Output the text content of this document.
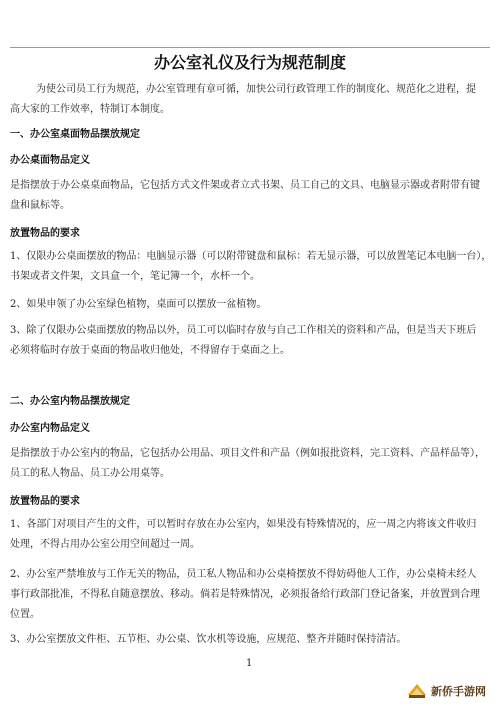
办公室礼仪及行为规范制度
为使公司员工行为规范，办公室管理有章可循，加快公司行政管理工作的制度化、规范化之进程，提
高大家的工作效率，特制订本制度。
一、办公室桌面物品摆放规定
办公桌面物品定义
是指摆放于办公桌桌面物品，它包括方式文件架或者立式书架、员工自己的文具、电脑显示器或者附带有键
盘和鼠标等。
放置物品的要求
1、仅限办公桌面摆放的物品：电脑显示器（可以附带键盘和鼠标：若无显示器，可以放置笔记本电脑一台），
书架或者文件架，文具盒一个，笔记簿一个，水杯一个。
2、如果申领了办公室绿色植物，桌面可以摆放一盆植物。
3、除了仅限办公桌面摆放的物品以外，员工可以临时存放与自己工作相关的资料和产品，但是当天下班后
必须将临时存放于桌面的物品收归他处，不得留存于桌面之上。
二、办公室内物品摆放规定
办公室内物品定义
是指摆放于办公室内的物品，它包括办公用品、项目文件和产品（例如报批资料，完工资料、产品样品等），
员工的私人物品、员工办公用桌等。
放置物品的要求
1、各部门对项目产生的文件，可以暂时存放在办公室内，如果没有特殊情况的，应一周之内将该文件收归
处理，不得占用办公室公用空间超过一周。
2、办公室严禁堆放与工作无关的物品，员工私人物品和办公桌椅摆放不得妨碍他人工作，办公桌椅未经人
事行政部批准，不得私自随意摆放、移动。倘若是特殊情况，必须报备给行政部门登记备案，并放置到合理
位置。
3、办公室摆放文件柜、五节柜、办公桌、饮水机等设施，应规范、整齐并随时保持清洁。
1
新侨手游网
